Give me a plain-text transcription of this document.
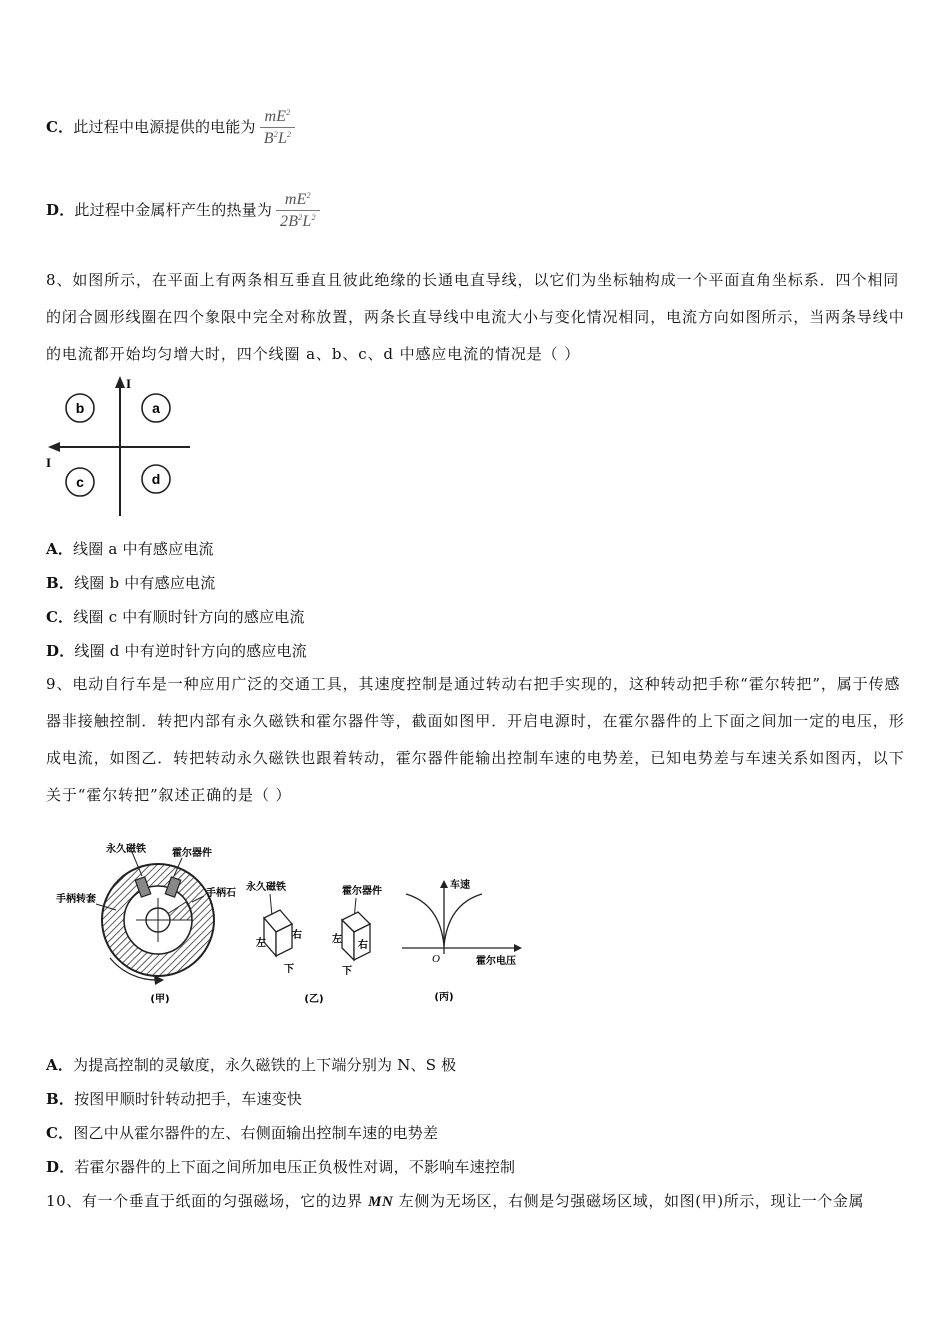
C．此过程中电源提供的电能为 $\frac{mE^2}{B^2L^2}$
D．此过程中金属杆产生的热量为 $\frac{mE^2}{2B^2L^2}$
8、如图所示，在平面上有两条相互垂直且彼此绝缘的长通电直导线，以它们为坐标轴构成一个平面直角坐标系．四个相同的闭合圆形线圈在四个象限中完全对称放置，两条长直导线中电流大小与变化情况相同，电流方向如图所示，当两条导线中的电流都开始均匀增大时，四个线圈 a、b、c、d 中感应电流的情况是（ ）
I
I
a
b
c	d
A．线圈 a 中有感应电流
B．线圈 b 中有感应电流
C．线圈 c 中有顺时针方向的感应电流
D．线圈 d 中有逆时针方向的感应电流
9、电动自行车是一种应用广泛的交通工具，其速度控制是通过转动右把手实现的，这种转动把手称“霍尔转把”，属于传感器非接触控制．转把内部有永久磁铁和霍尔器件等，截面如图甲．开启电源时，在霍尔器件的上下面之间加一定的电压，形成电流，如图乙．转把转动永久磁铁也跟着转动，霍尔器件能输出控制车速的电势差，已知电势差与车速关系如图丙，以下关于“霍尔转把”叙述正确的是（ ）
永久磁铁	霍尔器件
手柄转套
手柄石
(甲)
永久磁铁
左
右
下
霍尔器件
左
右
下
(乙)
车速
霍尔电压
O
(丙)
A．为提高控制的灵敏度，永久磁铁的上下端分别为 N、S 极
B．按图甲顺时针转动把手，车速变快
C．图乙中从霍尔器件的左、右侧面输出控制车速的电势差
D．若霍尔器件的上下面之间所加电压正负极性对调，不影响车速控制
10、有一个垂直于纸面的匀强磁场，它的边界 MN 左侧为无场区，右侧是匀强磁场区域，如图(甲)所示，现让一个金属
